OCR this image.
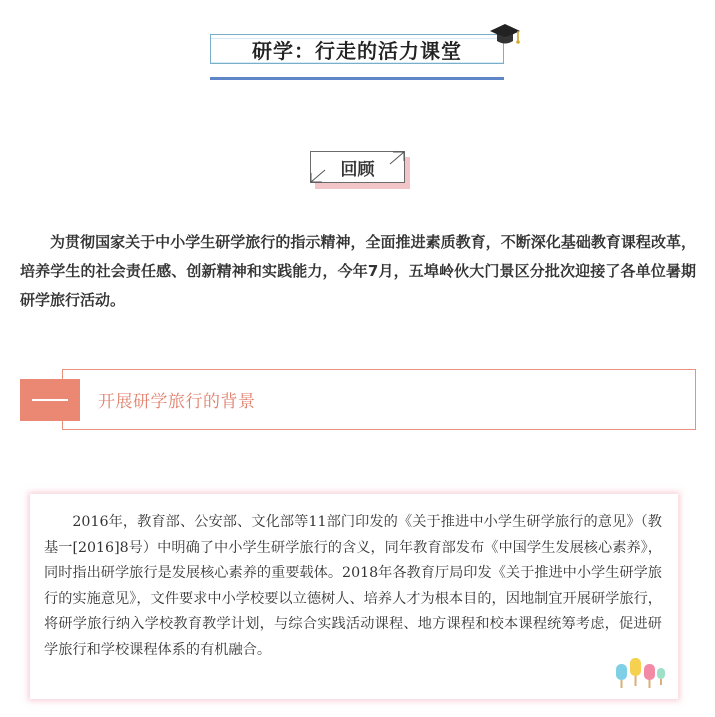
研学：行走的活力课堂
回顾

为贯彻国家关于中小学生研学旅行的指示精神，全面推进素质教育，不断深化基础教育课程改革，培养学生的社会责任感、创新精神和实践能力，今年7月，五埠岭伙大门景区分批次迎接了各单位暑期研学旅行活动。

开展研学旅行的背景

2016年，教育部、公安部、文化部等11部门印发的《关于推进中小学生研学旅行的意见》（教基一[2016]8号）中明确了中小学生研学旅行的含义，同年教育部发布《中国学生发展核心素养》，同时指出研学旅行是发展核心素养的重要载体。2018年各教育厅局印发《关于推进中小学生研学旅行的实施意见》，文件要求中小学校要以立德树人、培养人才为根本目的，因地制宜开展研学旅行，将研学旅行纳入学校教育教学计划，与综合实践活动课程、地方课程和校本课程统筹考虑，促进研学旅行和学校课程体系的有机融合。
